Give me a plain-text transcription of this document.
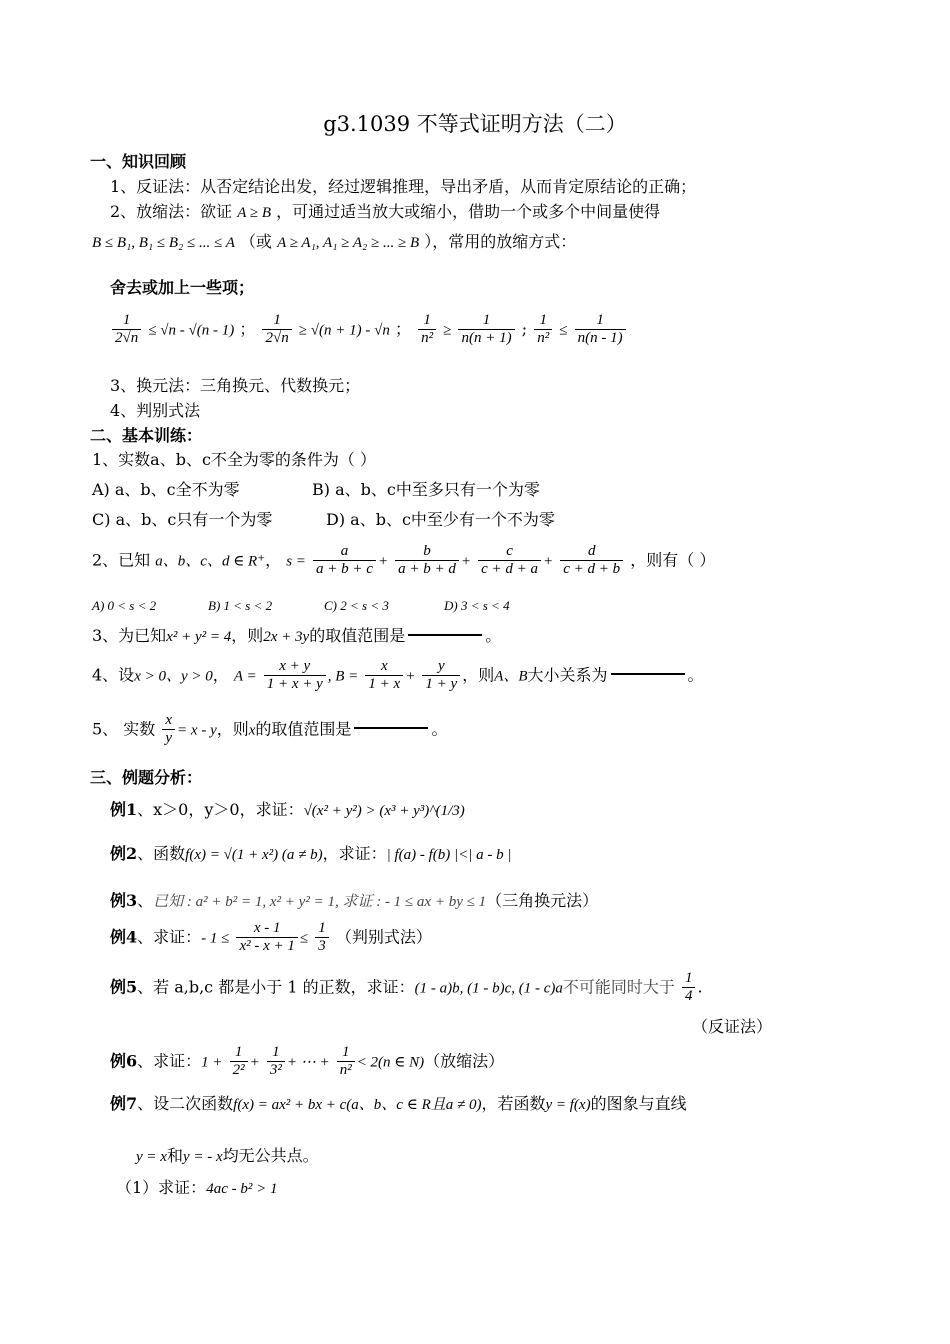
g3.1039 不等式证明方法（二）
一、知识回顾
1、反证法：从否定结论出发，经过逻辑推理，导出矛盾，从而肯定原结论的正确；
2、放缩法：欲证 A ≥ B ，可通过适当放大或缩小，借助一个或多个中间量使得
B ≤ B₁, B₁ ≤ B₂ ≤ ... ≤ A （或 A ≥ A₁, A₁ ≥ A₂ ≥ ... ≥ B ），常用的放缩方式：
舍去或加上一些项；
$\frac{1}{2√n} \le √n - √(n - 1)$ ； $\frac{1}{2√n} \ge √(n + 1) - √n$ ； $\frac{1}{\text{n²}} \ge \frac{1}{n(n + 1)}$ ; $\frac{1}{\text{n²}} \le \frac{1}{n(n - 1)}$
3、换元法：三角换元、代数换元；
4、判别式法
二、基本训练：
1、实数a、b、c不全为零的条件为（ ）
A) a、b、c全不为零	B) a、b、c中至多只有一个为零
C) a、b、c只有一个为零	D) a、b、c中至少有一个不为零
2、已知 a、b、c、d ∈ R⁺， $s = \frac{a}{a + b + c} + \frac{b}{a + b + d} + \frac{c}{c + d + a} + \frac{d}{c + d + b}$ ，则有（ ）
A) 0 < s < 2	B) 1 < s < 2	C) 2 < s < 3	D) 3 < s < 4
3、为已知x² + y² = 4，则2x + 3y的取值范围是	。
4、设x > 0、y > 0， $A = \frac{x + y}{1 + x + y}$ , $B = \frac{x}{1 + x} + \frac{y}{1 + y}$ ，则A、B大小关系为	。
5、 实数 $\frac{x}{y} = x - y$，则x的取值范围是	。
三、例题分析：
例1、x＞0，y＞0，求证：√(x² + y²) > (x³ + y³)^(1/3)
例2、函数f(x) = √(1 + x²) (a ≠ b)，求证：| f(a) - f(b) |<| a - b |
例3、已知 : a² + b² = 1, x² + y² = 1, 求证 : - 1 ≤ ax + by ≤ 1（三角换元法）
例4、求证：- $1 \le \frac{x - 1}{\text{x² - x + 1}} \le \frac{1}{3}$ （判别式法）
例5、若 a,b,c 都是小于 1 的正数，求证：(1 - a)b, (1 - b)c, (1 - c)a不可能同时大于 $\frac{1}{4}$ .
（反证法）
例6、求证：$1 + \frac{1}{\text{2²}} + \frac{1}{\text{3²}}$ + ⋯ + $\frac{1}{\text{n²}} < 2(n$ ∈ N)（放缩法）
例7、设二次函数f(x) = ax² + bx + c(a、b、c ∈ R且a ≠ 0)，若函数y = f(x)的图象与直线
y = x和y = - x均无公共点。
（1）求证：4ac - b² > 1
